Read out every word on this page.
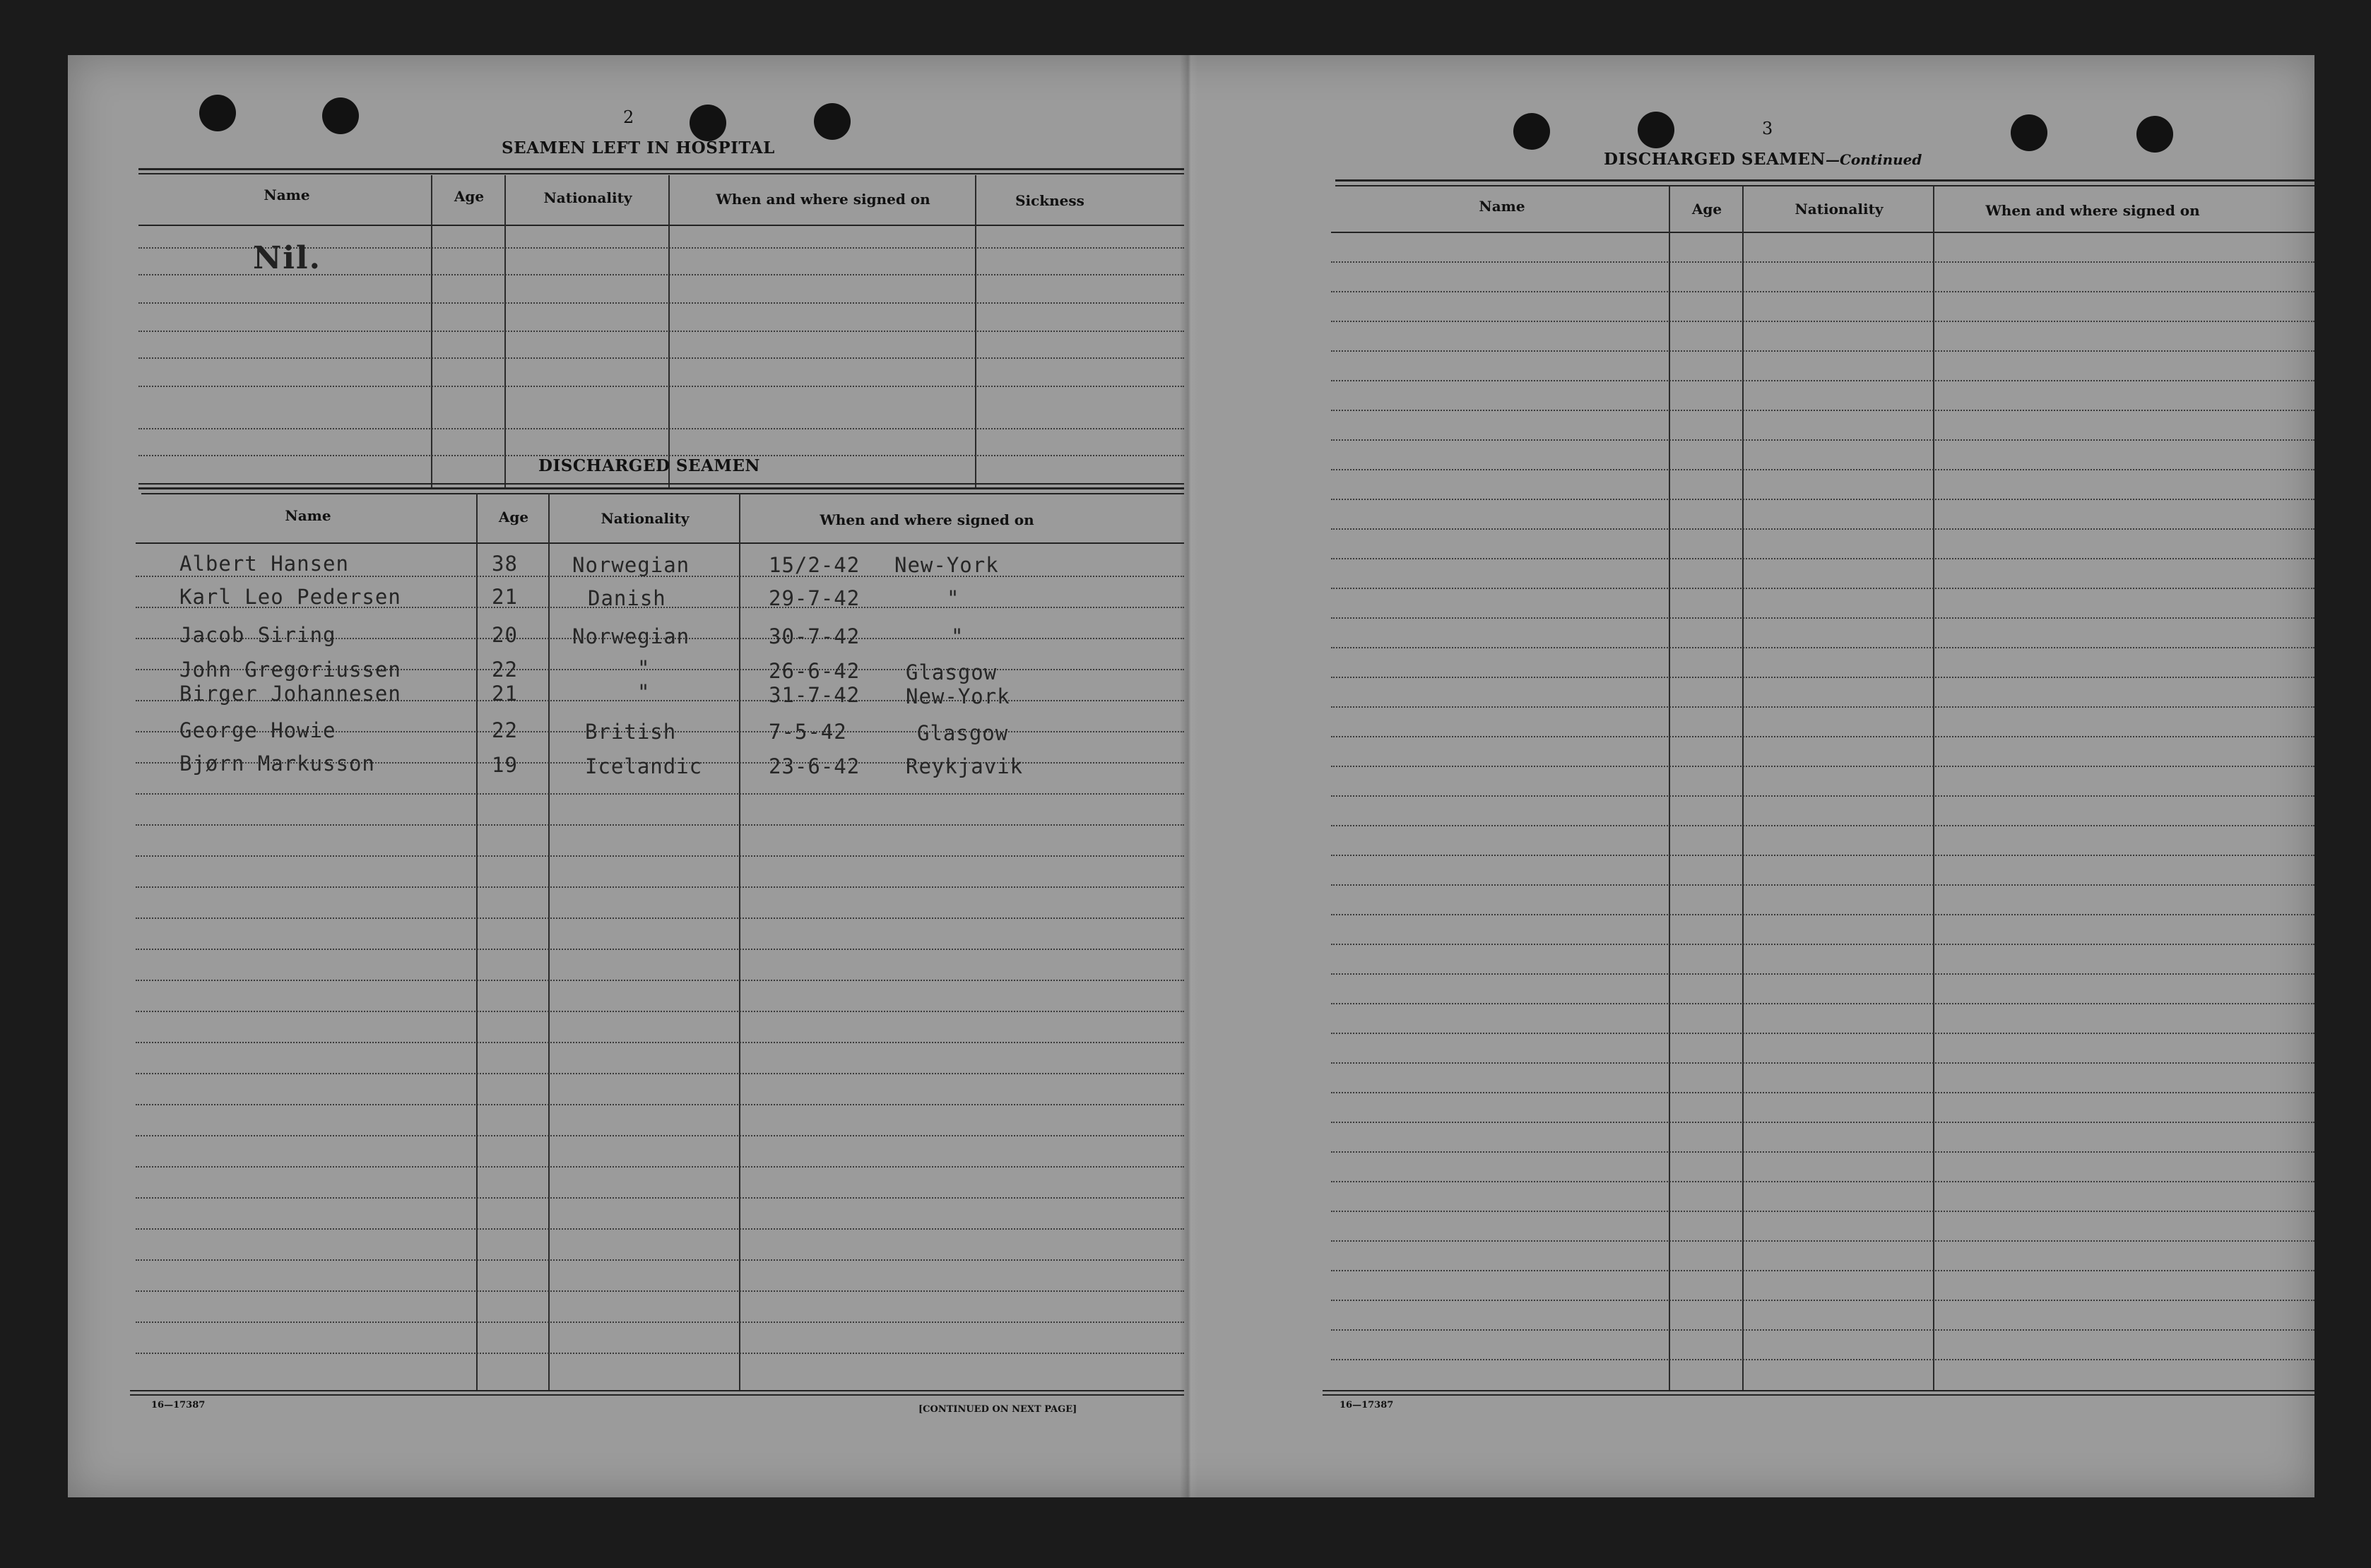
2
SEAMEN LEFT IN HOSPITAL
Name	Age	Nationality	When and where signed on	Sickness
Nil.
DISCHARGED SEAMEN
Name	Age	Nationality	When and where signed on
Albert Hansen	38	Norwegian	15/2-42 New-York
Karl Leo Pedersen	21	Danish	29-7-42	"
Jacob Siring	20	Norwegian	30-7-42	"
John Gregoriussen	22	"	26-6-42 Glasgow
Birger Johannesen	21	"	31-7-42 New-York
George Howie	22	British	7-5-42	Glasgow
Bjørn Markusson	19	Icelandic	23-6-42 Reykjavik
16—17387	[CONTINUED ON NEXT PAGE]
3
DISCHARGED SEAMEN—Continued
Name	Age	Nationality	When and where signed on
16—17387
